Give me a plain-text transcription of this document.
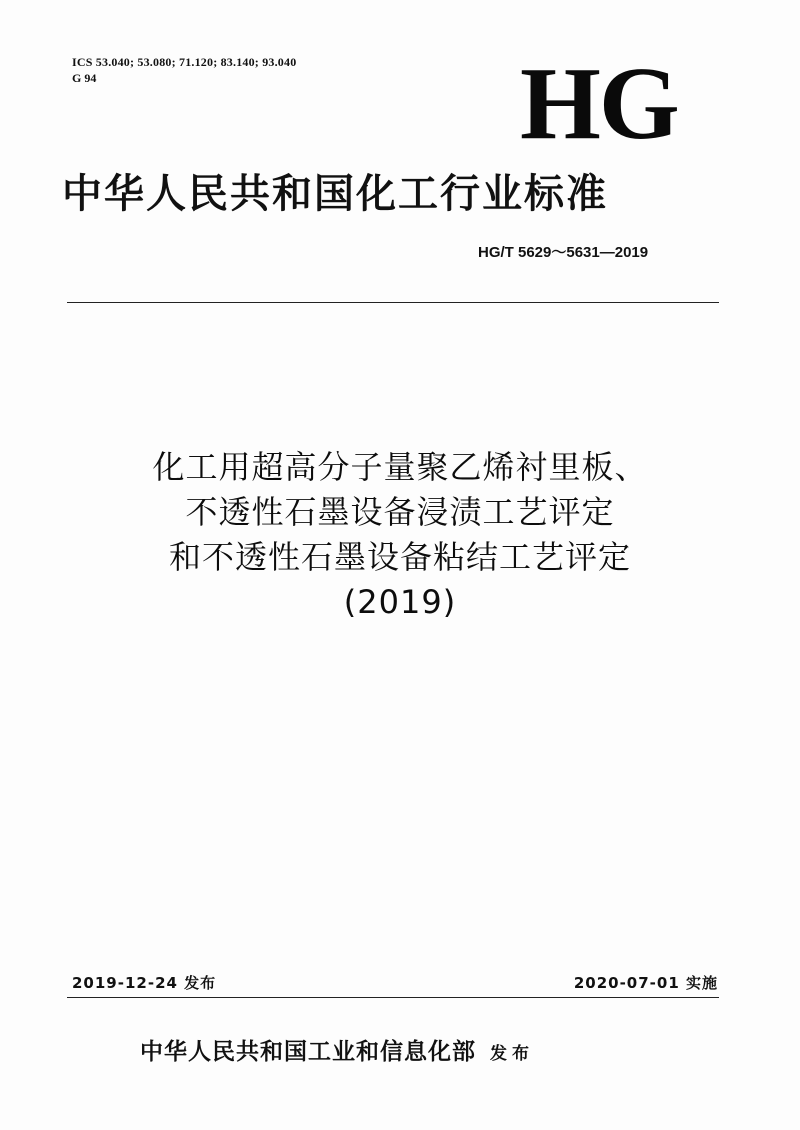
ICS 53.040; 53.080; 71.120; 83.140; 93.040
G 94	HG
中华人民共和国化工行业标准
HG/T 5629～5631—2019
化工用超高分子量聚乙烯衬里板、
不透性石墨设备浸渍工艺评定
和不透性石墨设备粘结工艺评定
(2019)
2019-12-24 发布	2020-07-01 实施
中华人民共和国工业和信息化部 发布
